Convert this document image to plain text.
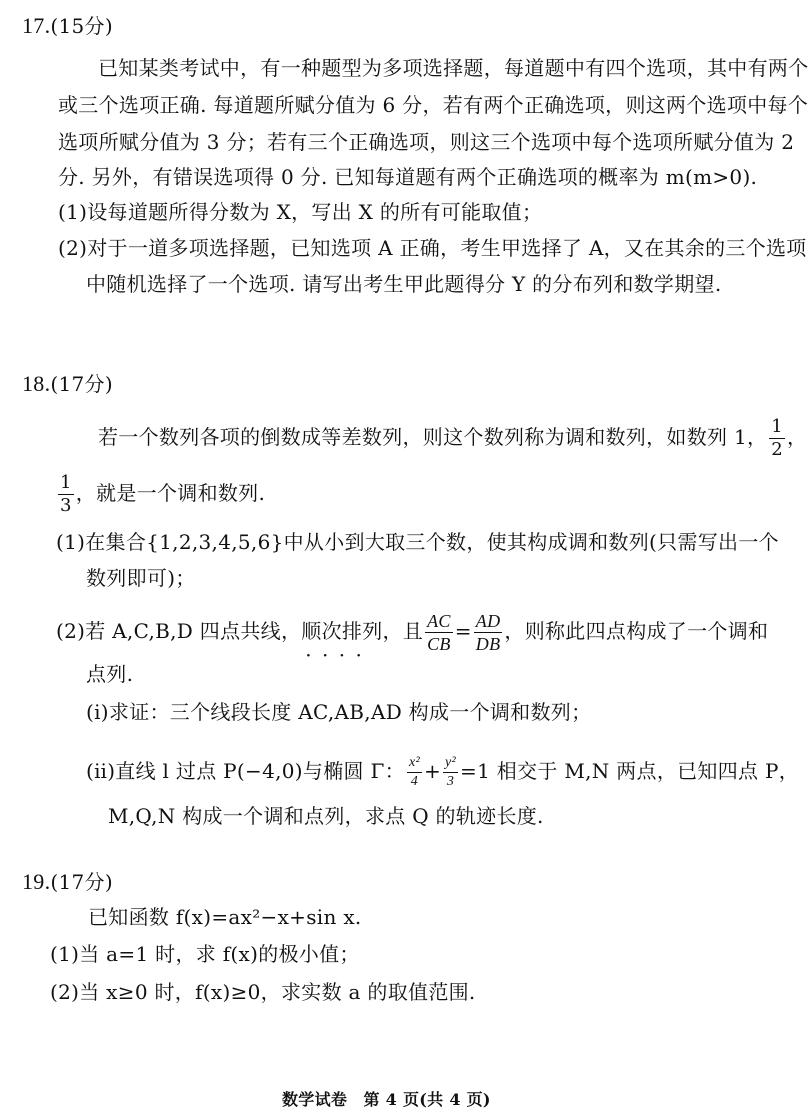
17.(15分)
已知某类考试中，有一种题型为多项选择题，每道题中有四个选项，其中有两个
或三个选项正确. 每道题所赋分值为 6 分，若有两个正确选项，则这两个选项中每个
选项所赋分值为 3 分；若有三个正确选项，则这三个选项中每个选项所赋分值为 2
分. 另外，有错误选项得 0 分. 已知每道题有两个正确选项的概率为 m(m>0).
(1)设每道题所得分数为 X，写出 X 的所有可能取值；
(2)对于一道多项选择题，已知选项 A 正确，考生甲选择了 A，又在其余的三个选项
中随机选择了一个选项. 请写出考生甲此题得分 Y 的分布列和数学期望.
18.(17分)
若一个数列各项的倒数成等差数列，则这个数列称为调和数列，如数列 1， $\frac{1}{2}$ ，
$\frac{1}{3}$ ，就是一个调和数列.
(1)在集合{1,2,3,4,5,6}中从小到大取三个数，使其构成调和数列(只需写出一个
数列即可)；
(2)若 A,C,B,D 四点共线，顺次排列 · · ，且 $\frac{AC}{CB} = \frac{AD}{DB}$ ，则称此四点构成了一个调和
点列.
(ⅰ)求证：三个线段长度 AC,AB,AD 构成一个调和数列；
(ⅱ)直线 l 过点 P(−4,0)与椭圆 Γ： $\frac{\text{x²}}{4} + \frac{\text{y²}}{3} =1$ 相交于 M,N 两点，已知四点 P，
M,Q,N 构成一个调和点列，求点 Q 的轨迹长度.
19.(17分)
已知函数 f(x)=ax²−x+sin x.
(1)当 a=1 时，求 f(x)的极小值；
(2)当 x≥0 时，f(x)≥0，求实数 a 的取值范围.
数学试卷　第 4 页(共 4 页)
